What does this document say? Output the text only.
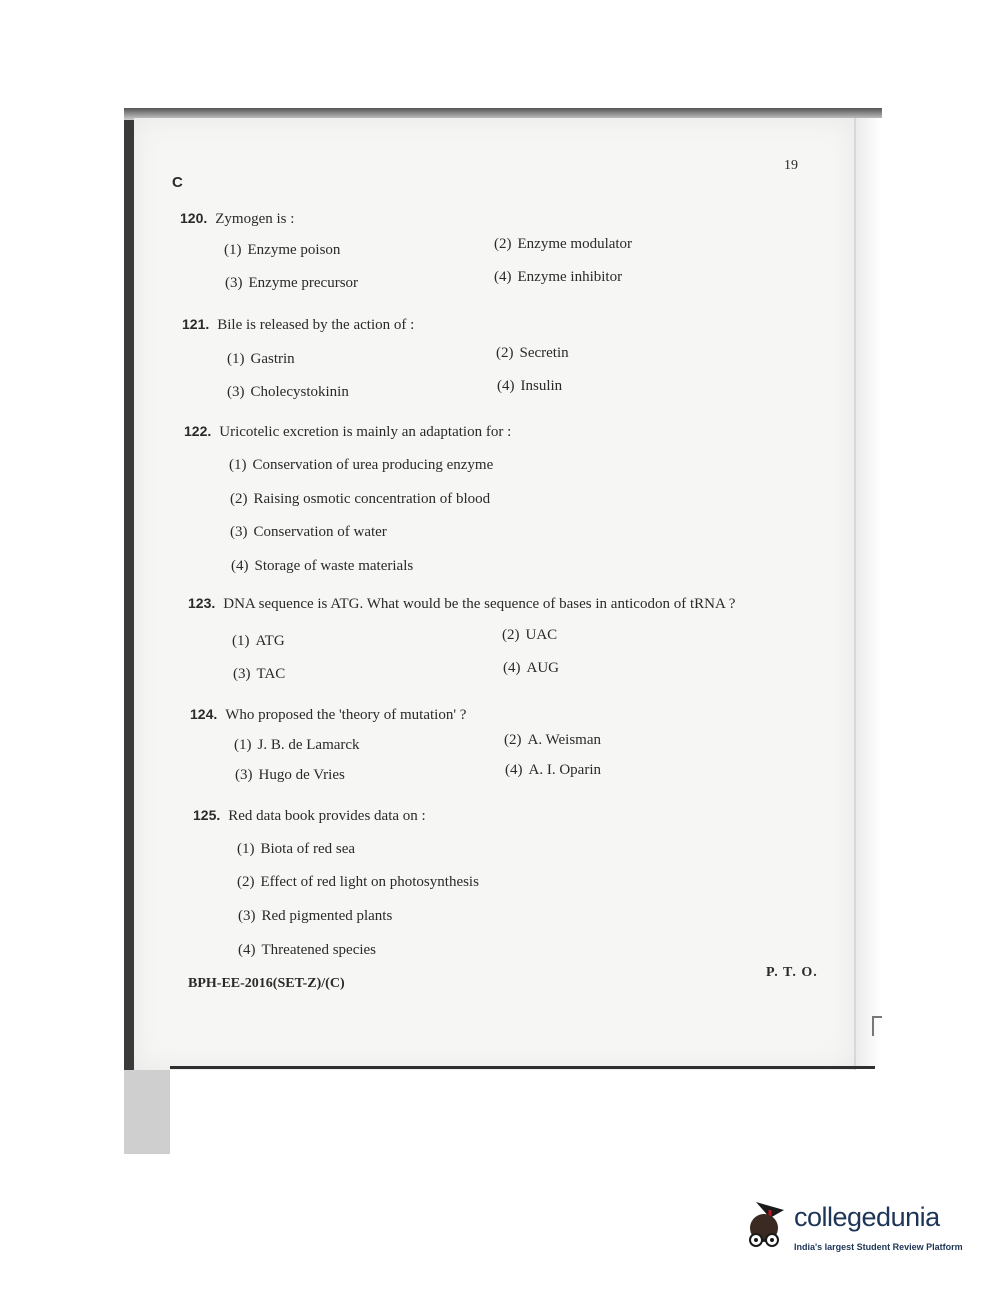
C
19
120. Zymogen is :
(1) Enzyme poison	(2) Enzyme modulator
(3) Enzyme precursor	(4) Enzyme inhibitor
121. Bile is released by the action of :
(1) Gastrin	(2) Secretin
(3) Cholecystokinin	(4) Insulin
122. Uricotelic excretion is mainly an adaptation for :
(1) Conservation of urea producing enzyme
(2) Raising osmotic concentration of blood
(3) Conservation of water
(4) Storage of waste materials
123. DNA sequence is ATG. What would be the sequence of bases in anticodon of tRNA ?
(1) ATG	(2) UAC
(3) TAC	(4) AUG
124. Who proposed the 'theory of mutation' ?
(1) J. B. de Lamarck	(2) A. Weisman
(3) Hugo de Vries	(4) A. I. Oparin
125. Red data book provides data on :
(1) Biota of red sea
(2) Effect of red light on photosynthesis
(3) Red pigmented plants
(4) Threatened species
BPH-EE-2016(SET-Z)/(C)
P. T. O.
collegedunia
India's largest Student Review Platform
